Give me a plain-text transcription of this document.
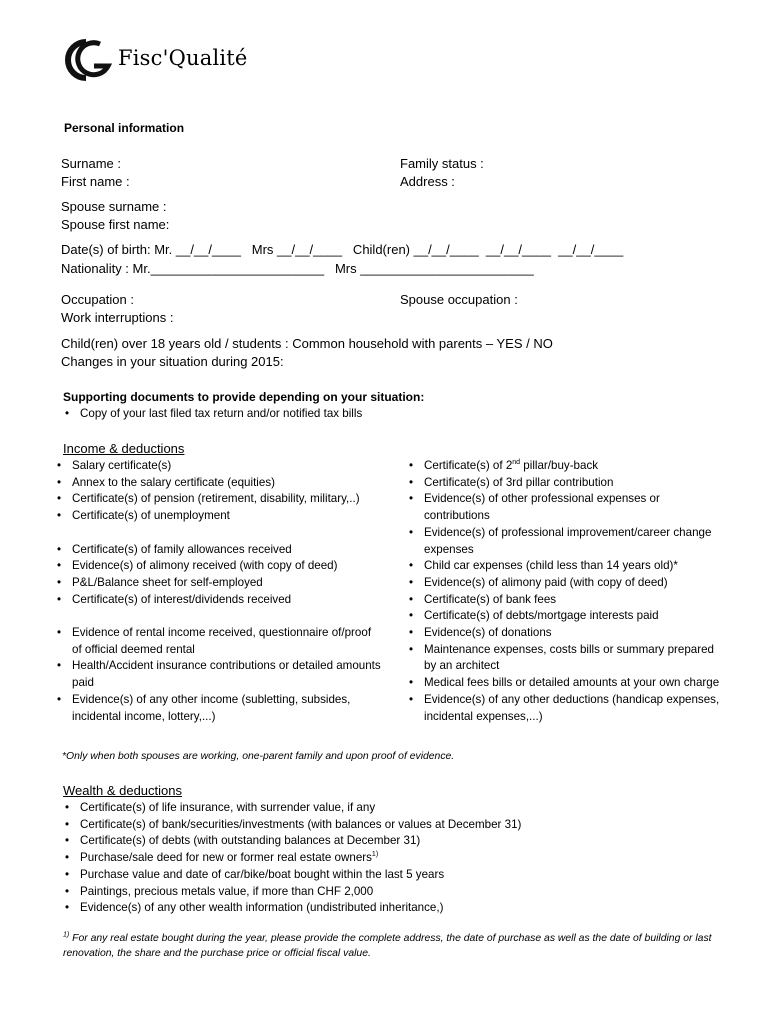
Fisc'Qualité
Personal information
Surname :	Family status :
First name :	Address :
Spouse surname :
Spouse first name:
Date(s) of birth: Mr. __/__/____   Mrs __/__/____   Child(ren) __/__/____  __/__/____  __/__/____
Nationality : Mr.________________________   Mrs ________________________
Occupation :	Spouse occupation :
Work interruptions :
Child(ren) over 18 years old / students : Common household with parents – YES / NO
Changes in your situation during 2015:
Supporting documents to provide depending on your situation:
• Copy of your last filed tax return and/or notified tax bills
Income & deductions
• Salary certificate(s)
• Annex to the salary certificate (equities)
• Certificate(s) of pension (retirement, disability, military,..)
• Certificate(s) of unemployment
• Certificate(s) of family allowances received
• Evidence(s) of alimony received (with copy of deed)
• P&L/Balance sheet for self-employed
• Certificate(s) of interest/dividends received
• Evidence of rental income received, questionnaire of/proof of official deemed rental
• Health/Accident insurance contributions or detailed amounts paid
• Evidence(s) of any other income (subletting, subsides, incidental income, lottery,...)
• Certificate(s) of 2nd pillar/buy-back
• Certificate(s) of 3rd pillar contribution
• Evidence(s) of other professional expenses or contributions
• Evidence(s) of professional improvement/career change expenses
• Child car expenses (child less than 14 years old)*
• Evidence(s) of alimony paid (with copy of deed)
• Certificate(s) of bank fees
• Certificate(s) of debts/mortgage interests paid
• Evidence(s) of donations
• Maintenance expenses, costs bills or summary prepared by an architect
• Medical fees bills or detailed amounts at your own charge
• Evidence(s) of any other deductions (handicap expenses, incidental expenses,...)
*Only when both spouses are working, one-parent family and upon proof of evidence.
Wealth & deductions
• Certificate(s) of life insurance, with surrender value, if any
• Certificate(s) of bank/securities/investments (with balances or values at December 31)
• Certificate(s) of debts (with outstanding balances at December 31)
• Purchase/sale deed for new or former real estate owners$^{1)}$
• Purchase value and date of car/bike/boat bought within the last 5 years
• Paintings, precious metals value, if more than CHF 2,000
• Evidence(s) of any other wealth information (undistributed inheritance,)
$^{1)}$ For any real estate bought during the year, please provide the complete address, the date of purchase as well as the date of building or last renovation, the share and the purchase price or official fiscal value.
